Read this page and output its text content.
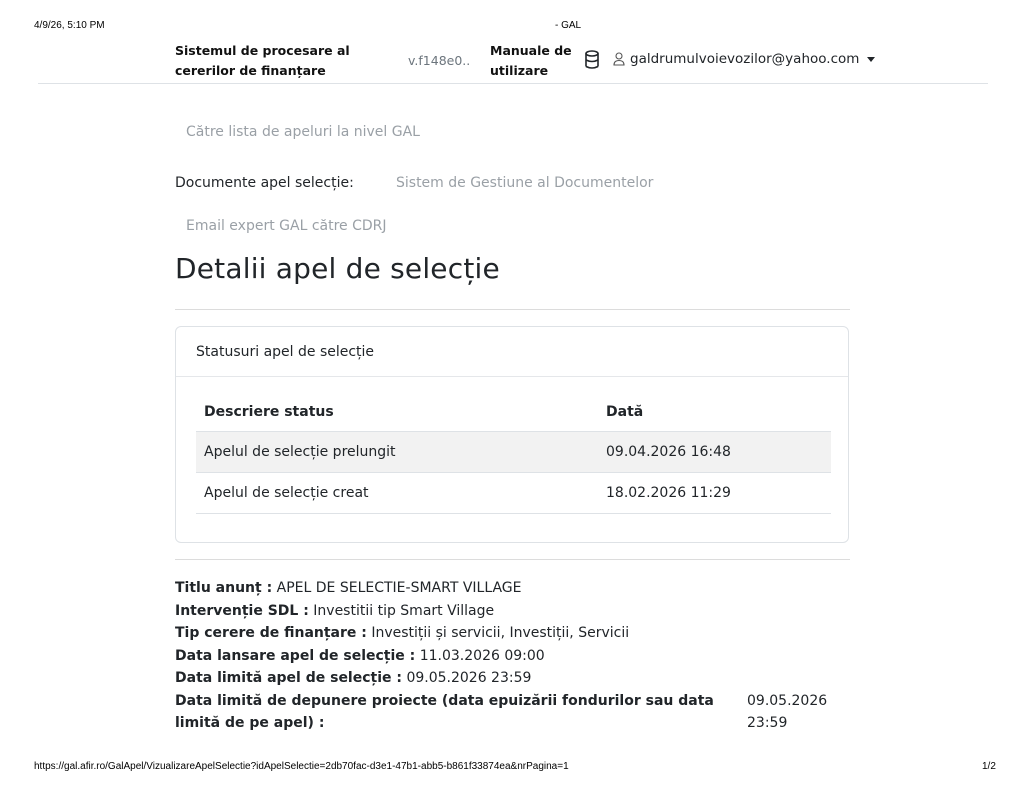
4/9/26, 5:10 PM	- GAL
Sistemul de procesare al cererilor de finanțare
v.f148e0..
Manuale de utilizare
galdrumulvoievozilor@yahoo.com
Către lista de apeluri la nivel GAL
Documente apel selecție:	Sistem de Gestiune al Documentelor
Email expert GAL către CDRJ
Detalii apel de selecție
Statusuri apel de selecție
Descriere status	Dată
Apelul de selecție prelungit	09.04.2026 16:48
Apelul de selecție creat	18.02.2026 11:29
Titlu anunț : APEL DE SELECTIE-SMART VILLAGE
Intervenție SDL : Investitii tip Smart Village
Tip cerere de finanțare : Investiții și servicii, Investiții, Servicii
Data lansare apel de selecție : 11.03.2026 09:00
Data limită apel de selecție : 09.05.2026 23:59
Data limită de depunere proiecte (data epuizării fondurilor sau data limită de pe apel) :
09.05.2026 23:59
https://gal.afir.ro/GalApel/VizualizareApelSelectie?idApelSelectie=2db70fac-d3e1-47b1-abb5-b861f33874ea&nrPagina=1	1/2
